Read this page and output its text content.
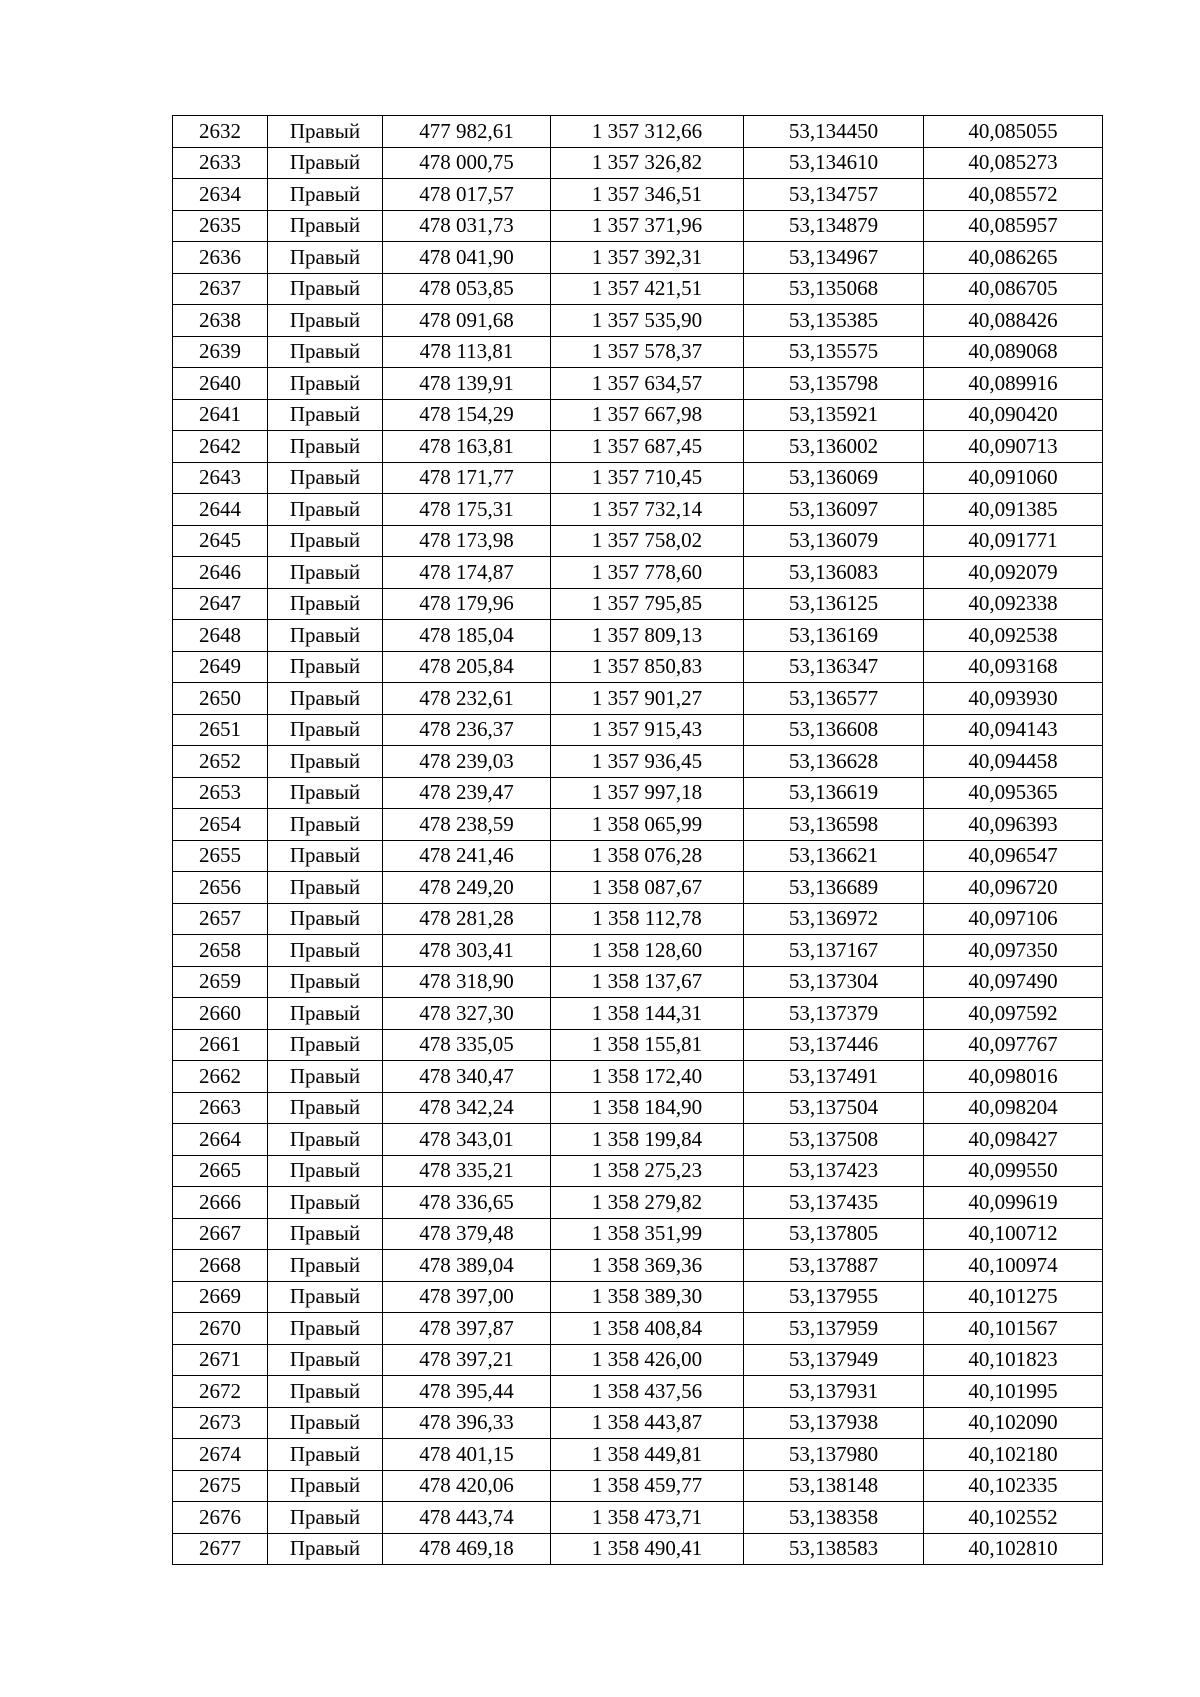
2632	Правый	477 982,61	1 357 312,66	53,134450	40,085055
2633	Правый	478 000,75	1 357 326,82	53,134610	40,085273
2634	Правый	478 017,57	1 357 346,51	53,134757	40,085572
2635	Правый	478 031,73	1 357 371,96	53,134879	40,085957
2636	Правый	478 041,90	1 357 392,31	53,134967	40,086265
2637	Правый	478 053,85	1 357 421,51	53,135068	40,086705
2638	Правый	478 091,68	1 357 535,90	53,135385	40,088426
2639	Правый	478 113,81	1 357 578,37	53,135575	40,089068
2640	Правый	478 139,91	1 357 634,57	53,135798	40,089916
2641	Правый	478 154,29	1 357 667,98	53,135921	40,090420
2642	Правый	478 163,81	1 357 687,45	53,136002	40,090713
2643	Правый	478 171,77	1 357 710,45	53,136069	40,091060
2644	Правый	478 175,31	1 357 732,14	53,136097	40,091385
2645	Правый	478 173,98	1 357 758,02	53,136079	40,091771
2646	Правый	478 174,87	1 357 778,60	53,136083	40,092079
2647	Правый	478 179,96	1 357 795,85	53,136125	40,092338
2648	Правый	478 185,04	1 357 809,13	53,136169	40,092538
2649	Правый	478 205,84	1 357 850,83	53,136347	40,093168
2650	Правый	478 232,61	1 357 901,27	53,136577	40,093930
2651	Правый	478 236,37	1 357 915,43	53,136608	40,094143
2652	Правый	478 239,03	1 357 936,45	53,136628	40,094458
2653	Правый	478 239,47	1 357 997,18	53,136619	40,095365
2654	Правый	478 238,59	1 358 065,99	53,136598	40,096393
2655	Правый	478 241,46	1 358 076,28	53,136621	40,096547
2656	Правый	478 249,20	1 358 087,67	53,136689	40,096720
2657	Правый	478 281,28	1 358 112,78	53,136972	40,097106
2658	Правый	478 303,41	1 358 128,60	53,137167	40,097350
2659	Правый	478 318,90	1 358 137,67	53,137304	40,097490
2660	Правый	478 327,30	1 358 144,31	53,137379	40,097592
2661	Правый	478 335,05	1 358 155,81	53,137446	40,097767
2662	Правый	478 340,47	1 358 172,40	53,137491	40,098016
2663	Правый	478 342,24	1 358 184,90	53,137504	40,098204
2664	Правый	478 343,01	1 358 199,84	53,137508	40,098427
2665	Правый	478 335,21	1 358 275,23	53,137423	40,099550
2666	Правый	478 336,65	1 358 279,82	53,137435	40,099619
2667	Правый	478 379,48	1 358 351,99	53,137805	40,100712
2668	Правый	478 389,04	1 358 369,36	53,137887	40,100974
2669	Правый	478 397,00	1 358 389,30	53,137955	40,101275
2670	Правый	478 397,87	1 358 408,84	53,137959	40,101567
2671	Правый	478 397,21	1 358 426,00	53,137949	40,101823
2672	Правый	478 395,44	1 358 437,56	53,137931	40,101995
2673	Правый	478 396,33	1 358 443,87	53,137938	40,102090
2674	Правый	478 401,15	1 358 449,81	53,137980	40,102180
2675	Правый	478 420,06	1 358 459,77	53,138148	40,102335
2676	Правый	478 443,74	1 358 473,71	53,138358	40,102552
2677	Правый	478 469,18	1 358 490,41	53,138583	40,102810
